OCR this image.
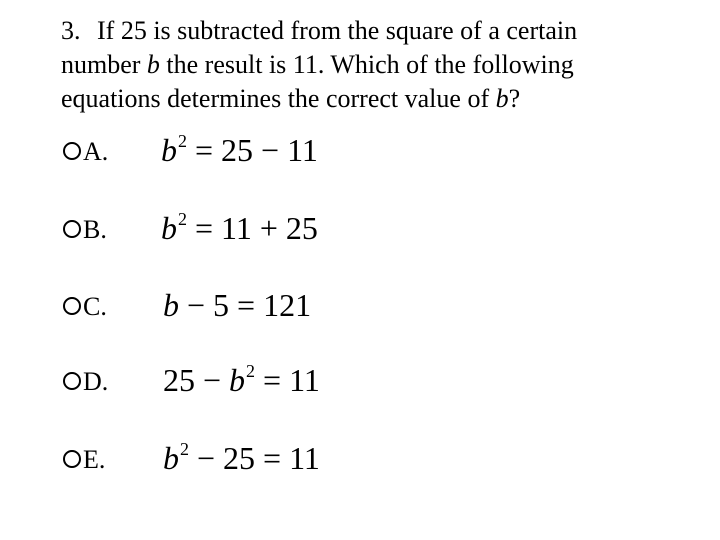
3. If 25 is subtracted from the square of a certain number b the result is 11. Which of the following equations determines the correct value of b?
A. $b^2 = 25 - 11$
B. $b^2 = 11 + 25$
C. b − 5 = 121
D. $25 - b^2 = 11$
E. $b^2 - 25 = 11$
